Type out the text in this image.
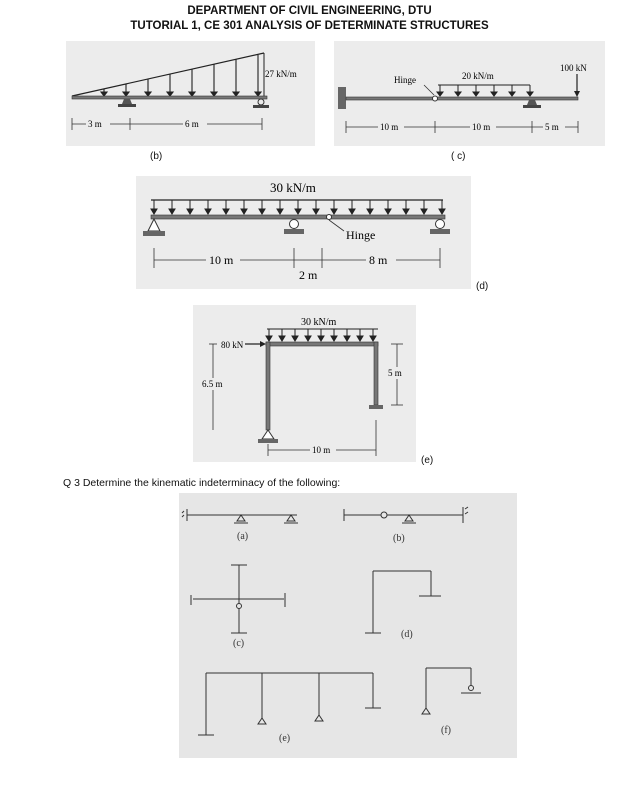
DEPARTMENT OF CIVIL ENGINEERING, DTU
TUTORIAL 1, CE 301 ANALYSIS OF DETERMINATE STRUCTURES
3 m	6 m
27 kN/m
(b)
10 m	10 m	5 m
Hinge	20 kN/m
100 kN
( c)
30 kN/m
Hinge
10 m
2 m
8 m
(d)
30 kN/m
80 kN
6.5 m
5 m
10 m
(e)
Q 3 Determine the kinematic indeterminacy of the following:
(a)	(b)
(c)
(d)
(e)
(f)
